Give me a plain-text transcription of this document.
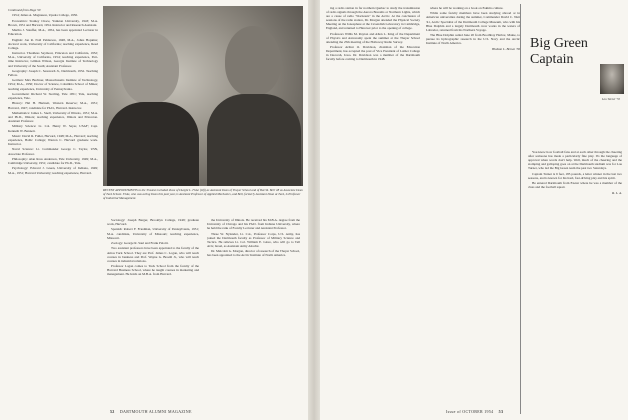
Continued from Page 50

1954; James A. Magnuson, Upsala College, 1950.

Economics: Stanley Chace, Yankton University, 1943; M.A. Brown, 1951 and Harvard, 1954. Instructor and Research Assistant.

Martha J. Stauffer, M.A., 1954, has been appointed Lecturer in Education.

English: Jon R. Noll Pehlerson, 1948, M.A., Johns Hopkins; doctoral work, University of California; teaching experience, Reed College.

Instructor. Thaddeus Seymour, Princeton and California, 1952; M.A., University of California, 1954; teaching experience, Part-time Instructor, Gilman Wilson, Georgia Institute of Technology and University of the South; Assistant Professor.

Geography: Joseph C. Seaswarh Jr., Dartmouth, 1952. Teaching Fellow.

German: Max Buchner, Massachusetts Institute of Technology, 1954; M.A., 1950; Doctor of Science, Columbia School of Mines; teaching experience, University of Pennsylvania.

Government: Richard W. Sterling, Yale 1951; Yale, teaching experience, Yale.

History: Hal H. Hartnett, Western Reserve; M.A., 1951; Harvard, 1947; candidate for Ph.D., Harvard. Instructor.

Mathematics: James L. Snell, University of Illinois, 1951; M.A. and Ph.D., Illinois; teaching experience, Illinois and Princeton. Assistant Professor.

Military Science: Lt. Col. Henry W. Sayer, USAF; Capt. Kenneth W. Bennett.

Music: David R. Fuller, Harvard, 1948; M.A., Harvard; teaching experience, Baltic College; Warren C. Harvard graduate work. Instructor.

Naval Science: Lt. Commander George C. Taylor, USN, Associate Professor.

Philosophy: Alan Ross Anderson, Yale University, 1949; M.A., Cambridge University, 1951; candidate for Ph.D., Yale.

Psychology: Edward J. Green, University of Indiana, 1949; M.A., 1951; Harvard University; teaching experience, Harvard.

RECENT APPOINTMENTS to the Trustees included those of Dwight L. Fiske (left) as Assistant Dean of Thayer School and of Burt R. Bell '28 as Associate Dean of Tuck School. Fiske, who was acting Dean this past year, is Assistant Professor of Applied Mechanics, and Bell, formerly Assistant Dean at Tuck, is Professor of Industrial Management.

Sociology: Joseph Berger, Brooklyn College, 1949; graduate work, Harvard.

Spanish: Robert F. Friedman, University of Pennsylvania, 1951; M.A. candidate, University of Missouri; teaching experience, Missouri.

Zoology: George R. Saul and Frank Palotti.

Two assistant professors have been appointed to the faculty of the Amos Tuck School. They are Prof. James C. Logan, who will teach courses in business and Prof. Wayne G. Broehl Jr., who will teach courses in industrial relations.

Professor Logan comes to Tuck School from the faculty of the Harvard Business School, where he taught courses in marketing and management. He holds an M.B.A. from Harvard.

the University of Illinois. He received his M.B.A. degree from the University of Chicago and his Ph.D. from Indiana University, where he held the rank of Faculty Lecturer and Assistant Professor.

Three W. Nylander, Lt. Col., Professor Corps, U.S. Army, has joined the Dartmouth faculty as Professor of Military Science and Tactics. He relieves Lt. Col. William E. Glore, who will go to Tell Aviv, Israel, as Assistant Army Attaché.

Dr. Malcolm G. Morgan, director of research of the Thayer School, has been appointed to the Arctic Institute of North America.

52 DARTMOUTH ALUMNI MAGAZINE

ing a radio station in far northern Quebec to study the transmission of radio signals through the Aurora Borealis or Northern Lights, which are a cause of radio "blackouts" in the Arctic. At the conclusion of sessions of the radio station, Dr. Morgan attended the Physical Society Meeting on the Ionosphere at the Cavendish Laboratory in Cambridge, England, and returned to Hanover prior to the opening of college.

Professors Willis M. Rayton and Allen L. King of the Department of Physics and Astronomy spent the summer at the Thayer School attending the 25th meeting of the Holloway Radio Survey.

Professor Arthur O. Davidson, chairman of the Education Department, has accepted the post of Vice President of Luther College in Decorah, Iowa. Dr. Davidson was a member of the Dartmouth faculty before coming to Dartmouth in 1948.

where he will be working on a book on Eskimo culture.

While some faculty members have been studying abroad or in American universities during the summer, Commander David C. Nutt '41, Arctic Specialist of the Dartmouth College Museum, who with his Blue Dolphin and a largely Dartmouth crew works in the waters of Labrador, returned from his Northern Voyage.

The Blue Dolphin sailed June 20 from Boothbay Harbor, Maine, to pursue its hydrographic research in the U.S. Navy and the Arctic Institute of North America.

Hudson L. Brown '36 Big Green Captain
Lou Turner '55

You know how football fans and at each other through the cheering after someone has made a particularly fine play. It's the language of approval when words don't help. Well, much of the cheering and the stomping and galloping goes on at the Dartmouth stadium was for Lou Turner, who led the Big Green team the past two Saturdays.

Captain Turner is 6 feet, 185 pounds, a letter winner in the last two seasons, and is known for his hard, fast-driving play and his spirit.

He entered Dartmouth from Exeter where he was a member of the class and the football squad.

R. L. A.

Issue of OCTOBER 1954 53
